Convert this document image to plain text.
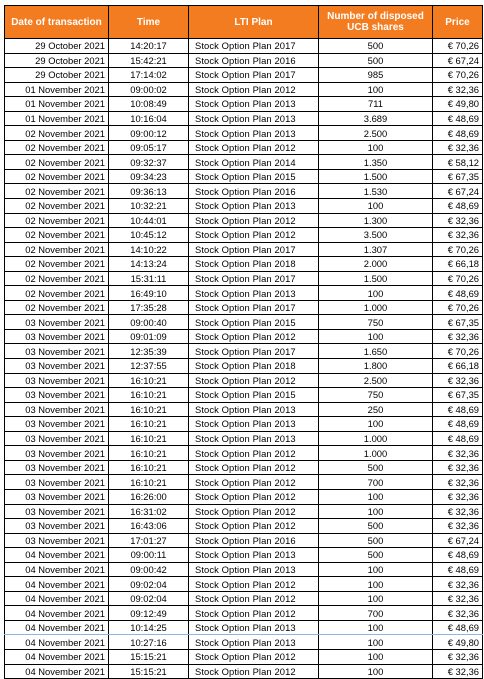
Date of transaction	Time	LTI Plan	Number of disposed UCB shares	Price
29 October 2021	14:20:17	Stock Option Plan 2017	500	€ 70,26
29 October 2021	15:42:21	Stock Option Plan 2016	500	€ 67,24
29 October 2021	17:14:02	Stock Option Plan 2017	985	€ 70,26
01 November 2021	09:00:02	Stock Option Plan 2012	100	€ 32,36
01 November 2021	10:08:49	Stock Option Plan 2013	711	€ 49,80
01 November 2021	10:16:04	Stock Option Plan 2013	3.689	€ 48,69
02 November 2021	09:00:12	Stock Option Plan 2013	2.500	€ 48,69
02 November 2021	09:05:17	Stock Option Plan 2012	100	€ 32,36
02 November 2021	09:32:37	Stock Option Plan 2014	1.350	€ 58,12
02 November 2021	09:34:23	Stock Option Plan 2015	1.500	€ 67,35
02 November 2021	09:36:13	Stock Option Plan 2016	1.530	€ 67,24
02 November 2021	10:32:21	Stock Option Plan 2013	100	€ 48,69
02 November 2021	10:44:01	Stock Option Plan 2012	1.300	€ 32,36
02 November 2021	10:45:12	Stock Option Plan 2012	3.500	€ 32,36
02 November 2021	14:10:22	Stock Option Plan 2017	1.307	€ 70,26
02 November 2021	14:13:24	Stock Option Plan 2018	2.000	€ 66,18
02 November 2021	15:31:11	Stock Option Plan 2017	1.500	€ 70,26
02 November 2021	16:49:10	Stock Option Plan 2013	100	€ 48,69
02 November 2021	17:35:28	Stock Option Plan 2017	1.000	€ 70,26
03 November 2021	09:00:40	Stock Option Plan 2015	750	€ 67,35
03 November 2021	09:01:09	Stock Option Plan 2012	100	€ 32,36
03 November 2021	12:35:39	Stock Option Plan 2017	1.650	€ 70,26
03 November 2021	12:37:55	Stock Option Plan 2018	1.800	€ 66,18
03 November 2021	16:10:21	Stock Option Plan 2012	2.500	€ 32,36
03 November 2021	16:10:21	Stock Option Plan 2015	750	€ 67,35
03 November 2021	16:10:21	Stock Option Plan 2013	250	€ 48,69
03 November 2021	16:10:21	Stock Option Plan 2013	100	€ 48,69
03 November 2021	16:10:21	Stock Option Plan 2013	1.000	€ 48,69
03 November 2021	16:10:21	Stock Option Plan 2012	1.000	€ 32,36
03 November 2021	16:10:21	Stock Option Plan 2012	500	€ 32,36
03 November 2021	16:10:21	Stock Option Plan 2012	700	€ 32,36
03 November 2021	16:26:00	Stock Option Plan 2012	100	€ 32,36
03 November 2021	16:31:02	Stock Option Plan 2012	100	€ 32,36
03 November 2021	16:43:06	Stock Option Plan 2012	500	€ 32,36
03 November 2021	17:01:27	Stock Option Plan 2016	500	€ 67,24
04 November 2021	09:00:11	Stock Option Plan 2013	500	€ 48,69
04 November 2021	09:00:42	Stock Option Plan 2013	100	€ 48,69
04 November 2021	09:02:04	Stock Option Plan 2012	100	€ 32,36
04 November 2021	09:02:04	Stock Option Plan 2012	100	€ 32,36
04 November 2021	09:12:49	Stock Option Plan 2012	700	€ 32,36
04 November 2021	10:14:25	Stock Option Plan 2013	100	€ 48,69
04 November 2021	10:27:16	Stock Option Plan 2013	100	€ 49,80
04 November 2021	15:15:21	Stock Option Plan 2012	100	€ 32,36
04 November 2021	15:15:21	Stock Option Plan 2012	100	€ 32,36
